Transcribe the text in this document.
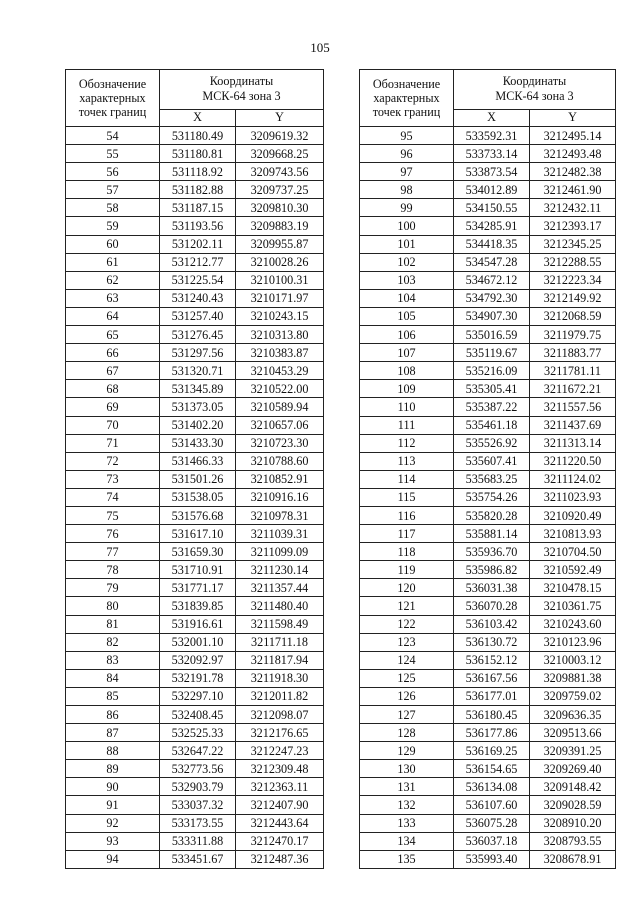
105
Обозначение
характерных
точек границ	Координаты
МСК-64 зона 3	

	X	Y
54	531180.49	3209619.32
55	531180.81	3209668.25
56	531118.92	3209743.56
57	531182.88	3209737.25
58	531187.15	3209810.30
59	531193.56	3209883.19
60	531202.11	3209955.87
61	531212.77	3210028.26
62	531225.54	3210100.31
63	531240.43	3210171.97
64	531257.40	3210243.15
65	531276.45	3210313.80
66	531297.56	3210383.87
67	531320.71	3210453.29
68	531345.89	3210522.00
69	531373.05	3210589.94
70	531402.20	3210657.06
71	531433.30	3210723.30
72	531466.33	3210788.60
73	531501.26	3210852.91
74	531538.05	3210916.16
75	531576.68	3210978.31
76	531617.10	3211039.31
77	531659.30	3211099.09
78	531710.91	3211230.14
79	531771.17	3211357.44
80	531839.85	3211480.40
81	531916.61	3211598.49
82	532001.10	3211711.18
83	532092.97	3211817.94
84	532191.78	3211918.30
85	532297.10	3212011.82
86	532408.45	3212098.07
87	532525.33	3212176.65
88	532647.22	3212247.23
89	532773.56	3212309.48
90	532903.79	3212363.11
91	533037.32	3212407.90
92	533173.55	3212443.64
93	533311.88	3212470.17
94	533451.67	3212487.36
Обозначение
характерных
точек границ	Координаты
МСК-64 зона 3	

	X	Y
95	533592.31	3212495.14
96	533733.14	3212493.48
97	533873.54	3212482.38
98	534012.89	3212461.90
99	534150.55	3212432.11
100	534285.91	3212393.17
101	534418.35	3212345.25
102	534547.28	3212288.55
103	534672.12	3212223.34
104	534792.30	3212149.92
105	534907.30	3212068.59
106	535016.59	3211979.75
107	535119.67	3211883.77
108	535216.09	3211781.11
109	535305.41	3211672.21
110	535387.22	3211557.56
111	535461.18	3211437.69
112	535526.92	3211313.14
113	535607.41	3211220.50
114	535683.25	3211124.02
115	535754.26	3211023.93
116	535820.28	3210920.49
117	535881.14	3210813.93
118	535936.70	3210704.50
119	535986.82	3210592.49
120	536031.38	3210478.15
121	536070.28	3210361.75
122	536103.42	3210243.60
123	536130.72	3210123.96
124	536152.12	3210003.12
125	536167.56	3209881.38
126	536177.01	3209759.02
127	536180.45	3209636.35
128	536177.86	3209513.66
129	536169.25	3209391.25
130	536154.65	3209269.40
131	536134.08	3209148.42
132	536107.60	3209028.59
133	536075.28	3208910.20
134	536037.18	3208793.55
135	535993.40	3208678.91
